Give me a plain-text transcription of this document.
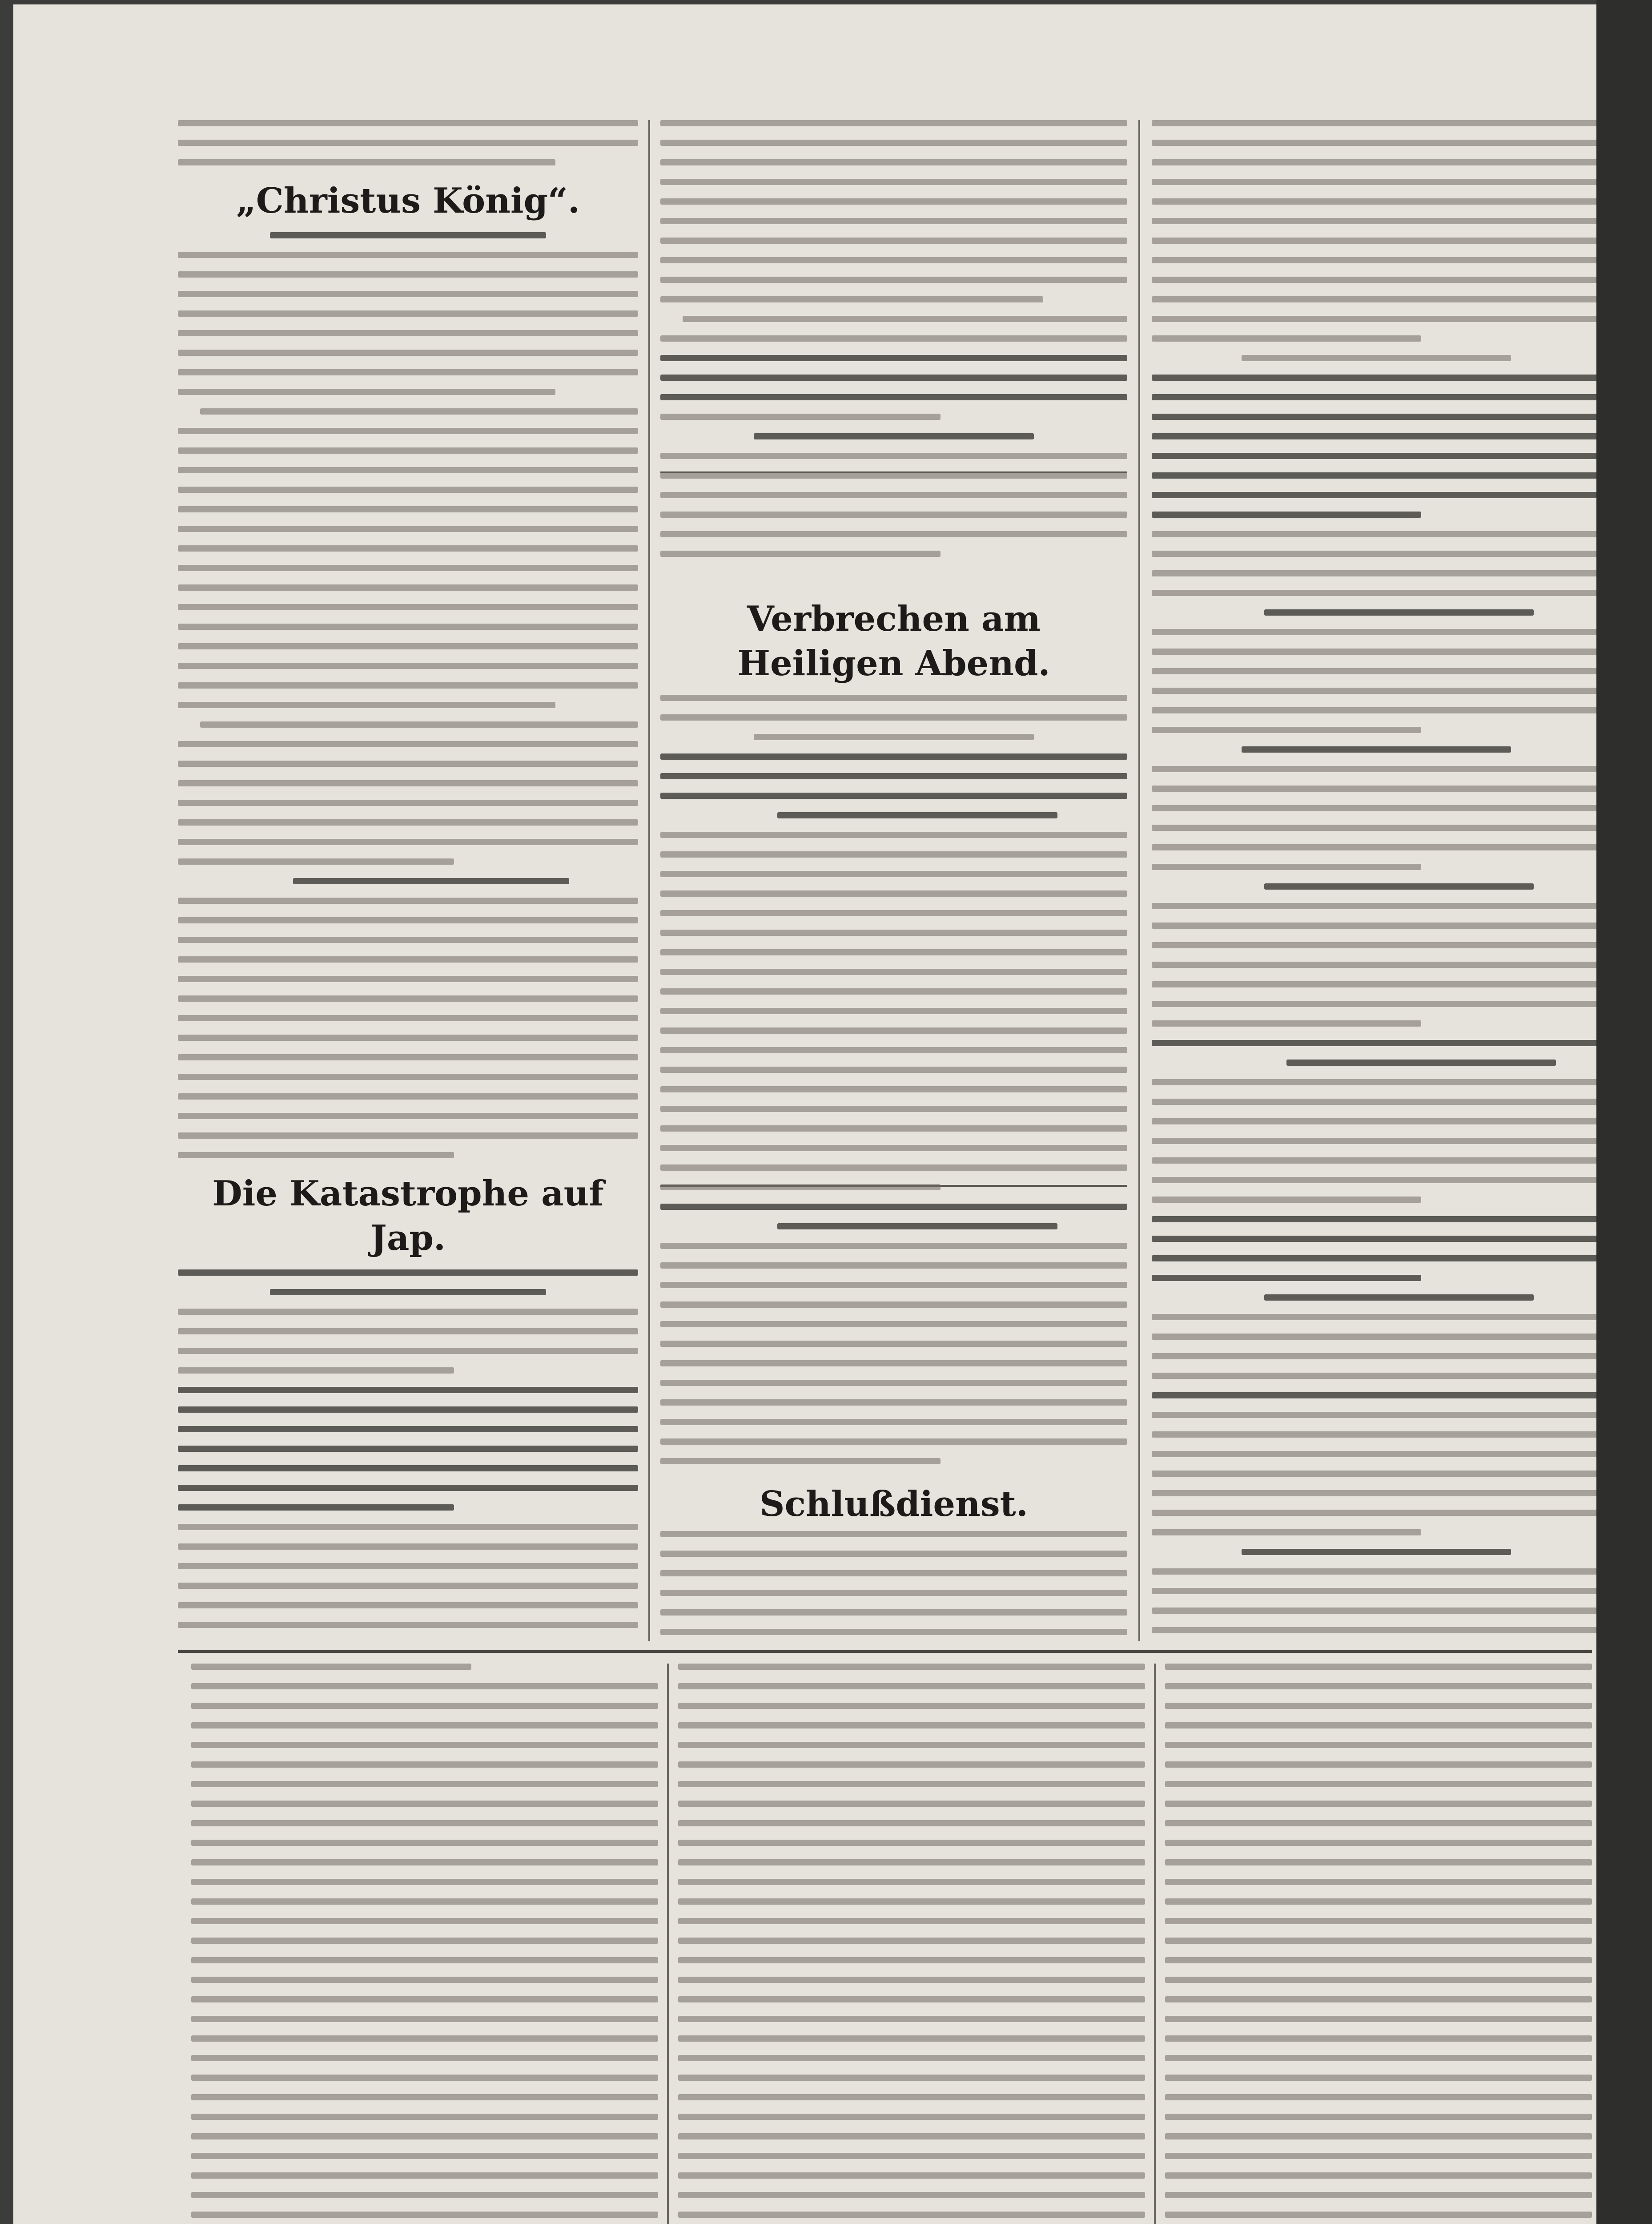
„Christus König“.
Die Katastrophe auf Jap.
Verbrechen am Heiligen Abend.
Schlußdienst.
